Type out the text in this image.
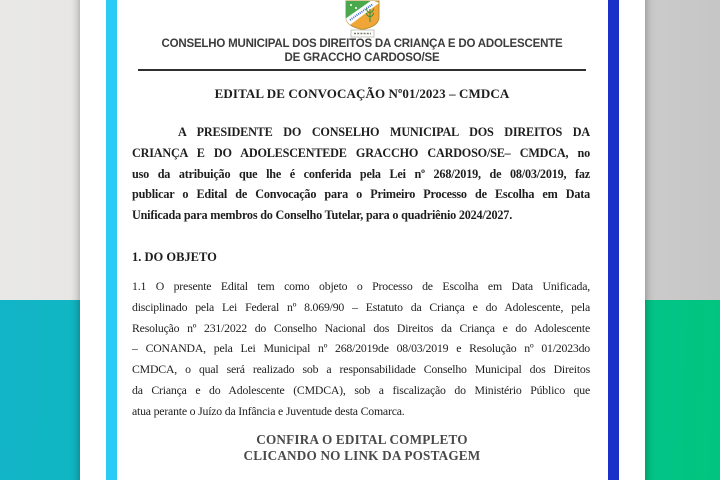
CONSELHO MUNICIPAL DOS DIREITOS DA CRIANÇA E DO ADOLESCENTE
DE GRACCHO CARDOSO/SE
EDITAL DE CONVOCAÇÃO Nº01/2023 – CMDCA
A PRESIDENTE DO CONSELHO MUNICIPAL DOS DIREITOS DA
CRIANÇA E DO ADOLESCENTEDE GRACCHO CARDOSO/SE– CMDCA, no
uso da atribuição que lhe é conferida pela Lei nº 268/2019, de 08/03/2019, faz
publicar o Edital de Convocação para o Primeiro Processo de Escolha em Data
Unificada para membros do Conselho Tutelar, para o quadriênio 2024/2027.
1. DO OBJETO
1.1 O presente Edital tem como objeto o Processo de Escolha em Data Unificada,
disciplinado pela Lei Federal nº 8.069/90 – Estatuto da Criança e do Adolescente, pela
Resolução nº 231/2022 do Conselho Nacional dos Direitos da Criança e do Adolescente
– CONANDA, pela Lei Municipal nº 268/2019de 08/03/2019 e Resolução nº 01/2023do
CMDCA, o qual será realizado sob a responsabilidade Conselho Municipal dos Direitos
da Criança e do Adolescente (CMDCA), sob a fiscalização do Ministério Público que
atua perante o Juízo da Infância e Juventude desta Comarca.
CONFIRA O EDITAL COMPLETO
CLICANDO NO LINK DA POSTAGEM
